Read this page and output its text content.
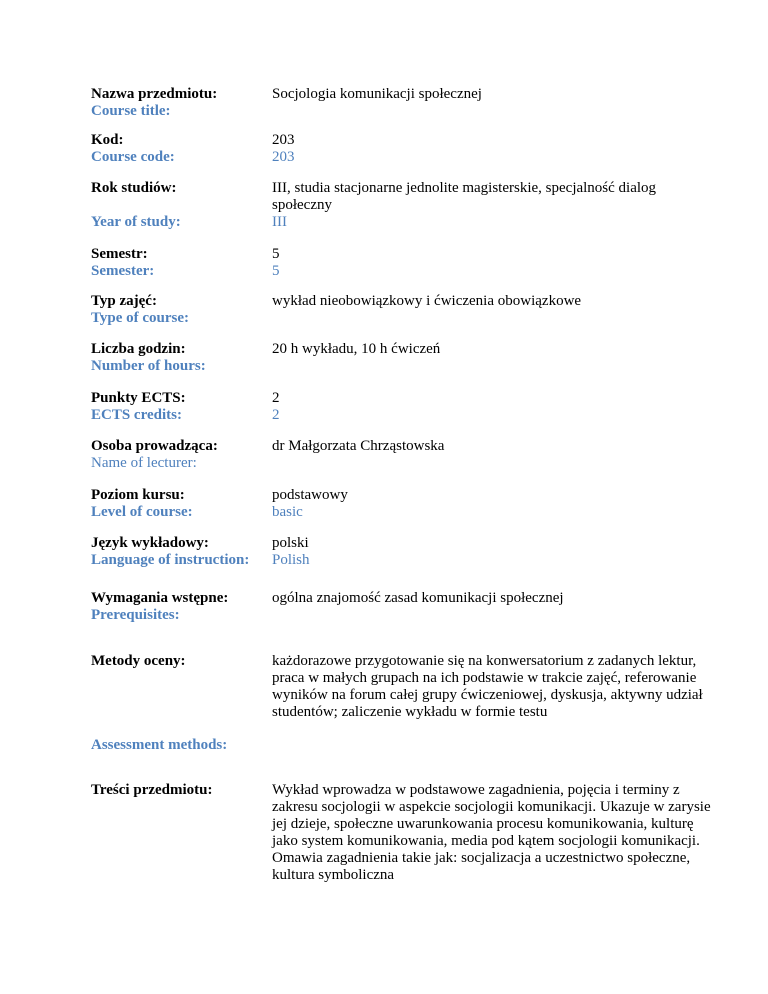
Nazwa przedmiotu:
Course title:
Socjologia komunikacji społecznej
Kod:
Course code:
203
203
Rok studiów:
Year of study:
III, studia stacjonarne jednolite magisterskie, specjalność dialog społeczny
III
Semestr:
Semester:
5
5
Typ zajęć:
Type of course:
wykład nieobowiązkowy i ćwiczenia obowiązkowe
Liczba godzin:
Number of hours:
20 h wykładu, 10 h ćwiczeń
Punkty ECTS:
ECTS credits:
2
2
Osoba prowadząca:
Name of lecturer:
dr Małgorzata Chrząstowska
Poziom kursu:
Level of course:
podstawowy
basic
Język wykładowy:
Language of instruction:
polski
Polish
Wymagania wstępne:
Prerequisites:
ogólna znajomość zasad komunikacji społecznej
Metody oceny:
Assessment methods:
każdorazowe przygotowanie się na konwersatorium z zadanych lektur, praca w małych grupach na ich podstawie w trakcie zajęć, referowanie wyników na forum całej grupy ćwiczeniowej, dyskusja, aktywny udział studentów; zaliczenie wykładu w formie testu
Treści przedmiotu:	Wykład wprowadza w podstawowe zagadnienia, pojęcia i terminy z zakresu socjologii w aspekcie socjologii komunikacji. Ukazuje w zarysie jej dzieje, społeczne uwarunkowania procesu komunikowania, kulturę jako system komunikowania, media pod kątem socjologii komunikacji. Omawia zagadnienia takie jak: socjalizacja a uczestnictwo społeczne, kultura symboliczna
